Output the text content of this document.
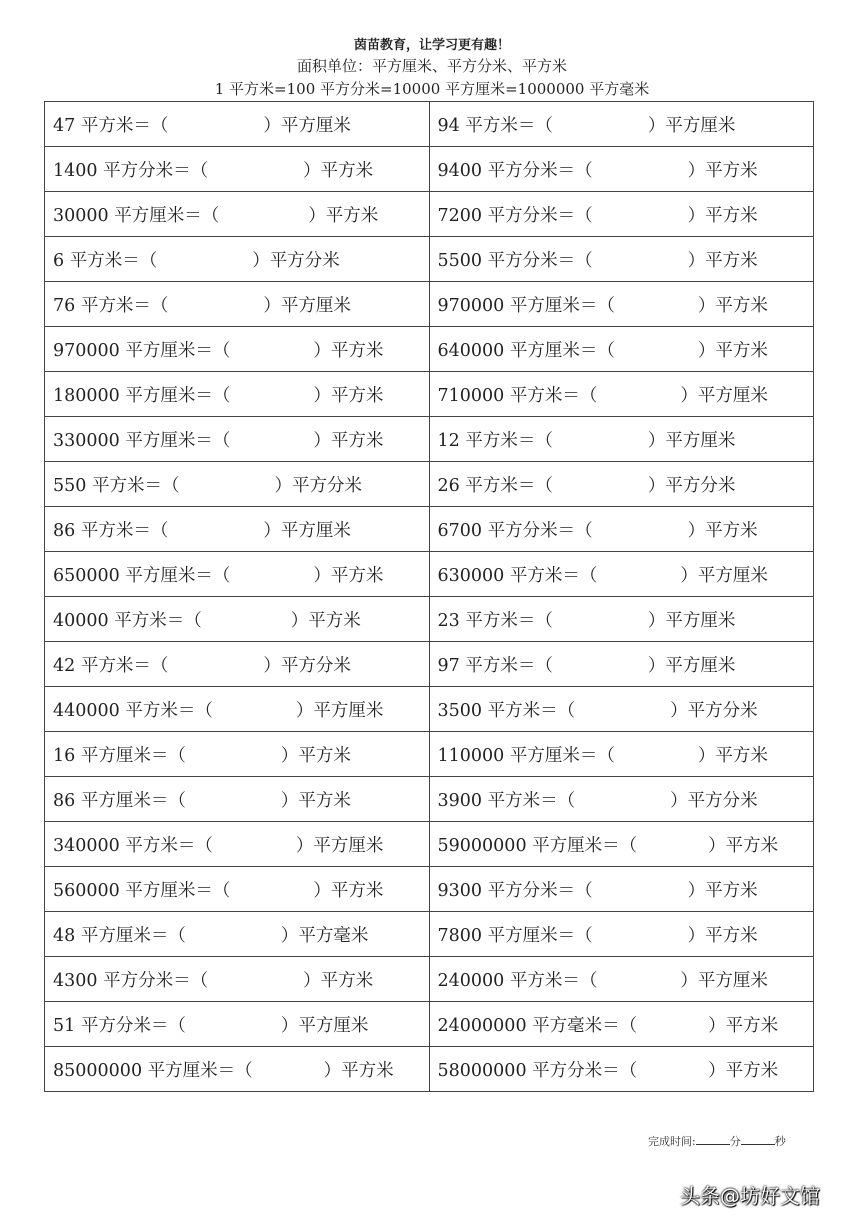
茵苗教育，让学习更有趣！
面积单位：平方厘米、平方分米、平方米
1 平方米=100 平方分米=10000 平方厘米=1000000 平方毫米
47 平方米＝（ ）平方厘米	94 平方米＝（ ）平方厘米
1400 平方分米＝（ ）平方米	9400 平方分米＝（ ）平方米
30000 平方厘米＝（ ）平方米	7200 平方分米＝（ ）平方米
6 平方米＝（ ）平方分米	5500 平方分米＝（ ）平方米
76 平方米＝（ ）平方厘米	970000 平方厘米＝（ ）平方米
970000 平方厘米＝（ ）平方米	640000 平方厘米＝（ ）平方米
180000 平方厘米＝（ ）平方米	710000 平方米＝（ ）平方厘米
330000 平方厘米＝（ ）平方米	12 平方米＝（ ）平方厘米
550 平方米＝（ ）平方分米	26 平方米＝（ ）平方分米
86 平方米＝（ ）平方厘米	6700 平方分米＝（ ）平方米
650000 平方厘米＝（ ）平方米	630000 平方米＝（ ）平方厘米
40000 平方米＝（ ）平方米	23 平方米＝（ ）平方厘米
42 平方米＝（ ）平方分米	97 平方米＝（ ）平方厘米
440000 平方米＝（ ）平方厘米	3500 平方米＝（ ）平方分米
16 平方厘米＝（ ）平方米	110000 平方厘米＝（ ）平方米
86 平方厘米＝（ ）平方米	3900 平方米＝（ ）平方分米
340000 平方米＝（ ）平方厘米	59000000 平方厘米＝（ ）平方米
560000 平方厘米＝（ ）平方米	9300 平方分米＝（ ）平方米
48 平方厘米＝（ ）平方毫米	7800 平方厘米＝（ ）平方米
4300 平方分米＝（ ）平方米	240000 平方米＝（ ）平方厘米
51 平方分米＝（ ）平方厘米	24000000 平方毫米＝（ ）平方米
85000000 平方厘米＝（ ）平方米	58000000 平方分米＝（ ）平方米
完成时间:	分	秒
头条@坊好文馆
